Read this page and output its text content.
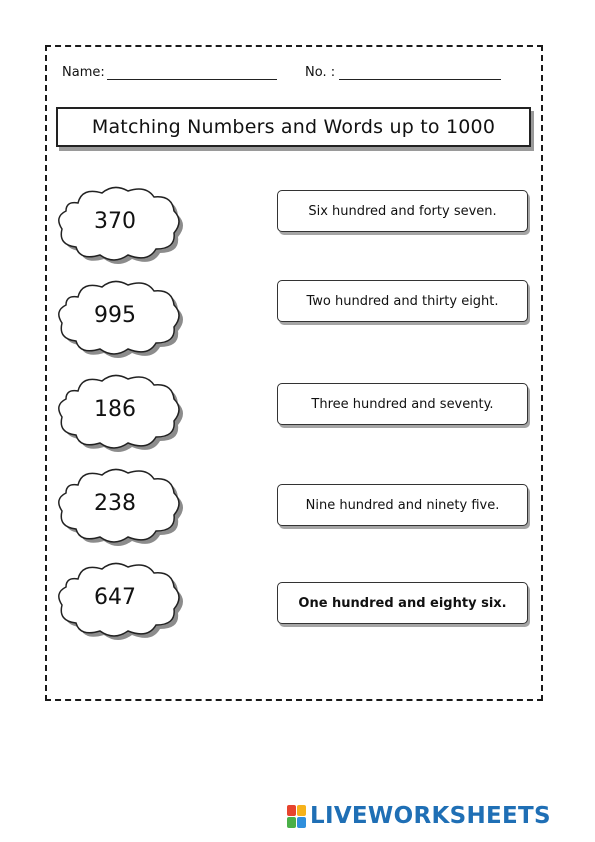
Name:	No. :
Matching Numbers and Words up to 1000
370
995
186
238
647
Six hundred and forty seven.
Two hundred and thirty eight.
Three hundred and seventy.
Nine hundred and ninety five.
One hundred and eighty six.
LIVEWORKSHEETS
